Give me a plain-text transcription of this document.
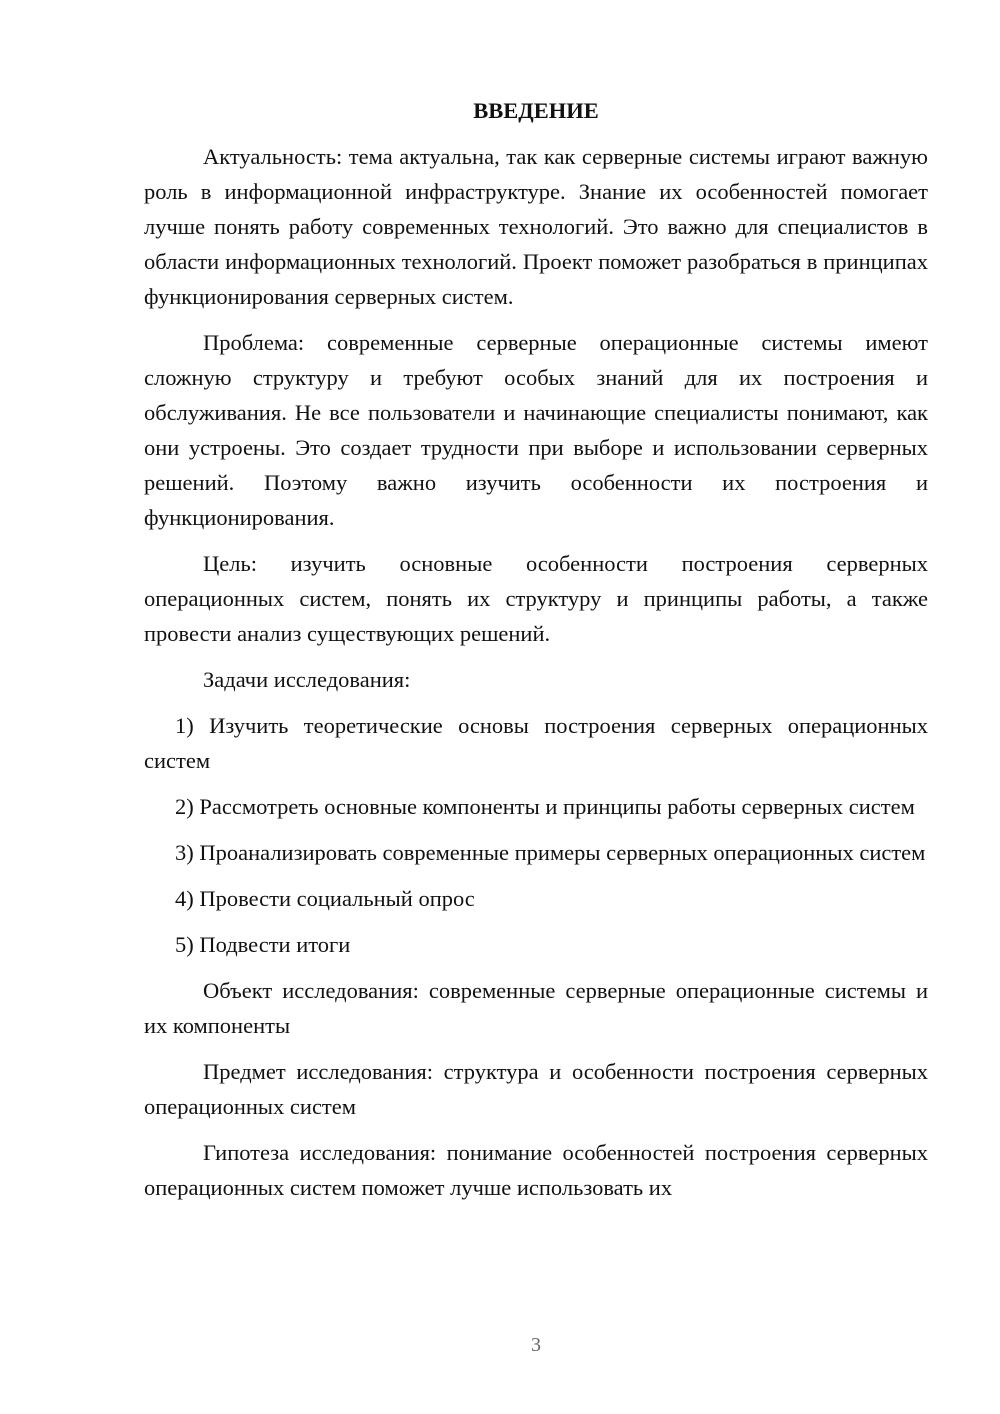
ВВЕДЕНИЕ

Актуальность: тема актуальна, так как серверные системы играют важную роль в информационной инфраструктуре. Знание их особенностей помогает лучше понять работу современных технологий. Это важно для специалистов в области информационных технологий. Проект поможет разобраться в принципах функционирования серверных систем.

Проблема: современные серверные операционные системы имеют сложную структуру и требуют особых знаний для их построения и обслуживания. Не все пользователи и начинающие специалисты понимают, как они устроены. Это создает трудности при выборе и использовании серверных решений. Поэтому важно изучить особенности их построения и функционирования.

Цель: изучить основные особенности построения серверных операционных систем, понять их структуру и принципы работы, а также провести анализ существующих решений.

Задачи исследования:

1) Изучить теоретические основы построения серверных операционных систем

2) Рассмотреть основные компоненты и принципы работы серверных систем

3) Проанализировать современные примеры серверных операционных систем

4) Провести социальный опрос

5) Подвести итоги

Объект исследования: современные серверные операционные системы и их компоненты

Предмет исследования: структура и особенности построения серверных операционных систем

Гипотеза исследования: понимание особенностей построения серверных операционных систем поможет лучше использовать их

3
